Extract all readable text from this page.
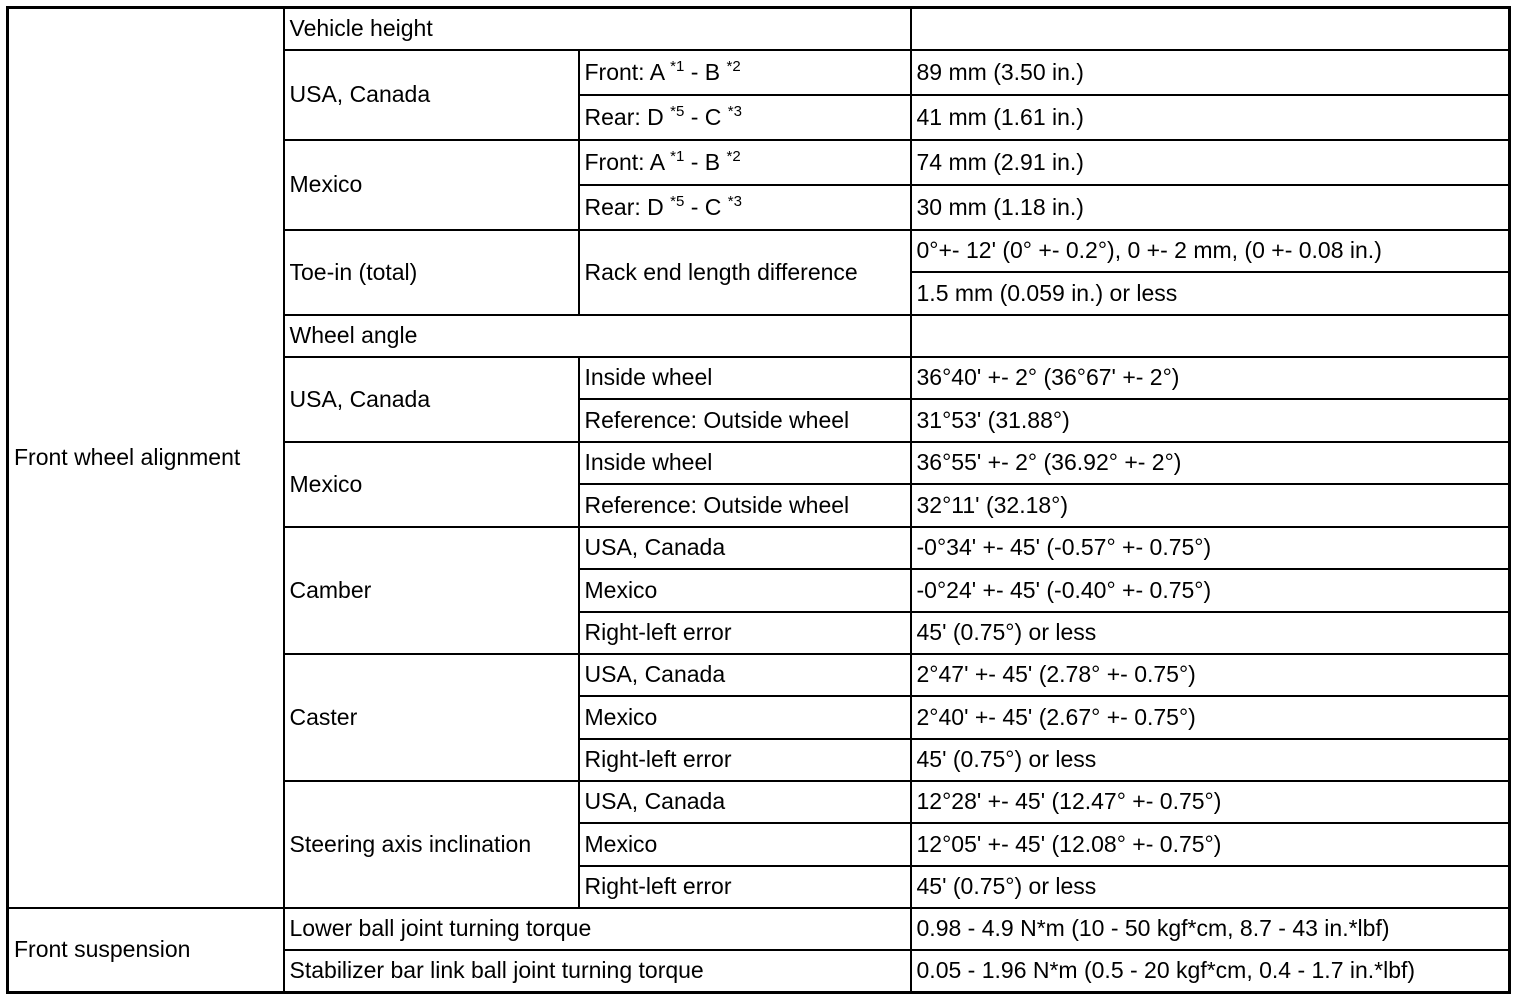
Front wheel alignment	Vehicle height		
	USA, Canada	Front: A $^{*1}$ - B $^{*2}$	89 mm (3.50 in.)
		Rear: D $^{*5}$ - C $^{*3}$	41 mm (1.61 in.)
	Mexico	Front: A $^{*1}$ - B $^{*2}$	74 mm (2.91 in.)
		Rear: D $^{*5}$ - C $^{*3}$	30 mm (1.18 in.)
	Toe-in (total)	Rack end length difference	0°+- 12' (0° +- 0.2°), 0 +- 2 mm, (0 +- 0.08 in.)
			1.5 mm (0.059 in.) or less
	Wheel angle		
	USA, Canada	Inside wheel	36°40' +- 2° (36°67' +- 2°)
		Reference: Outside wheel	31°53' (31.88°)
	Mexico	Inside wheel	36°55' +- 2° (36.92° +- 2°)
		Reference: Outside wheel	32°11' (32.18°)
	Camber	USA, Canada	-0°34' +- 45' (-0.57° +- 0.75°)
		Mexico	-0°24' +- 45' (-0.40° +- 0.75°)
		Right-left error	45' (0.75°) or less
	Caster	USA, Canada	2°47' +- 45' (2.78° +- 0.75°)
		Mexico	2°40' +- 45' (2.67° +- 0.75°)
		Right-left error	45' (0.75°) or less
	Steering axis inclination	USA, Canada	12°28' +- 45' (12.47° +- 0.75°)
		Mexico	12°05' +- 45' (12.08° +- 0.75°)
		Right-left error	45' (0.75°) or less
Front suspension	Lower ball joint turning torque		0.98 - 4.9 N*m (10 - 50 kgf*cm, 8.7 - 43 in.*lbf)
	Stabilizer bar link ball joint turning torque		0.05 - 1.96 N*m (0.5 - 20 kgf*cm, 0.4 - 1.7 in.*lbf)
